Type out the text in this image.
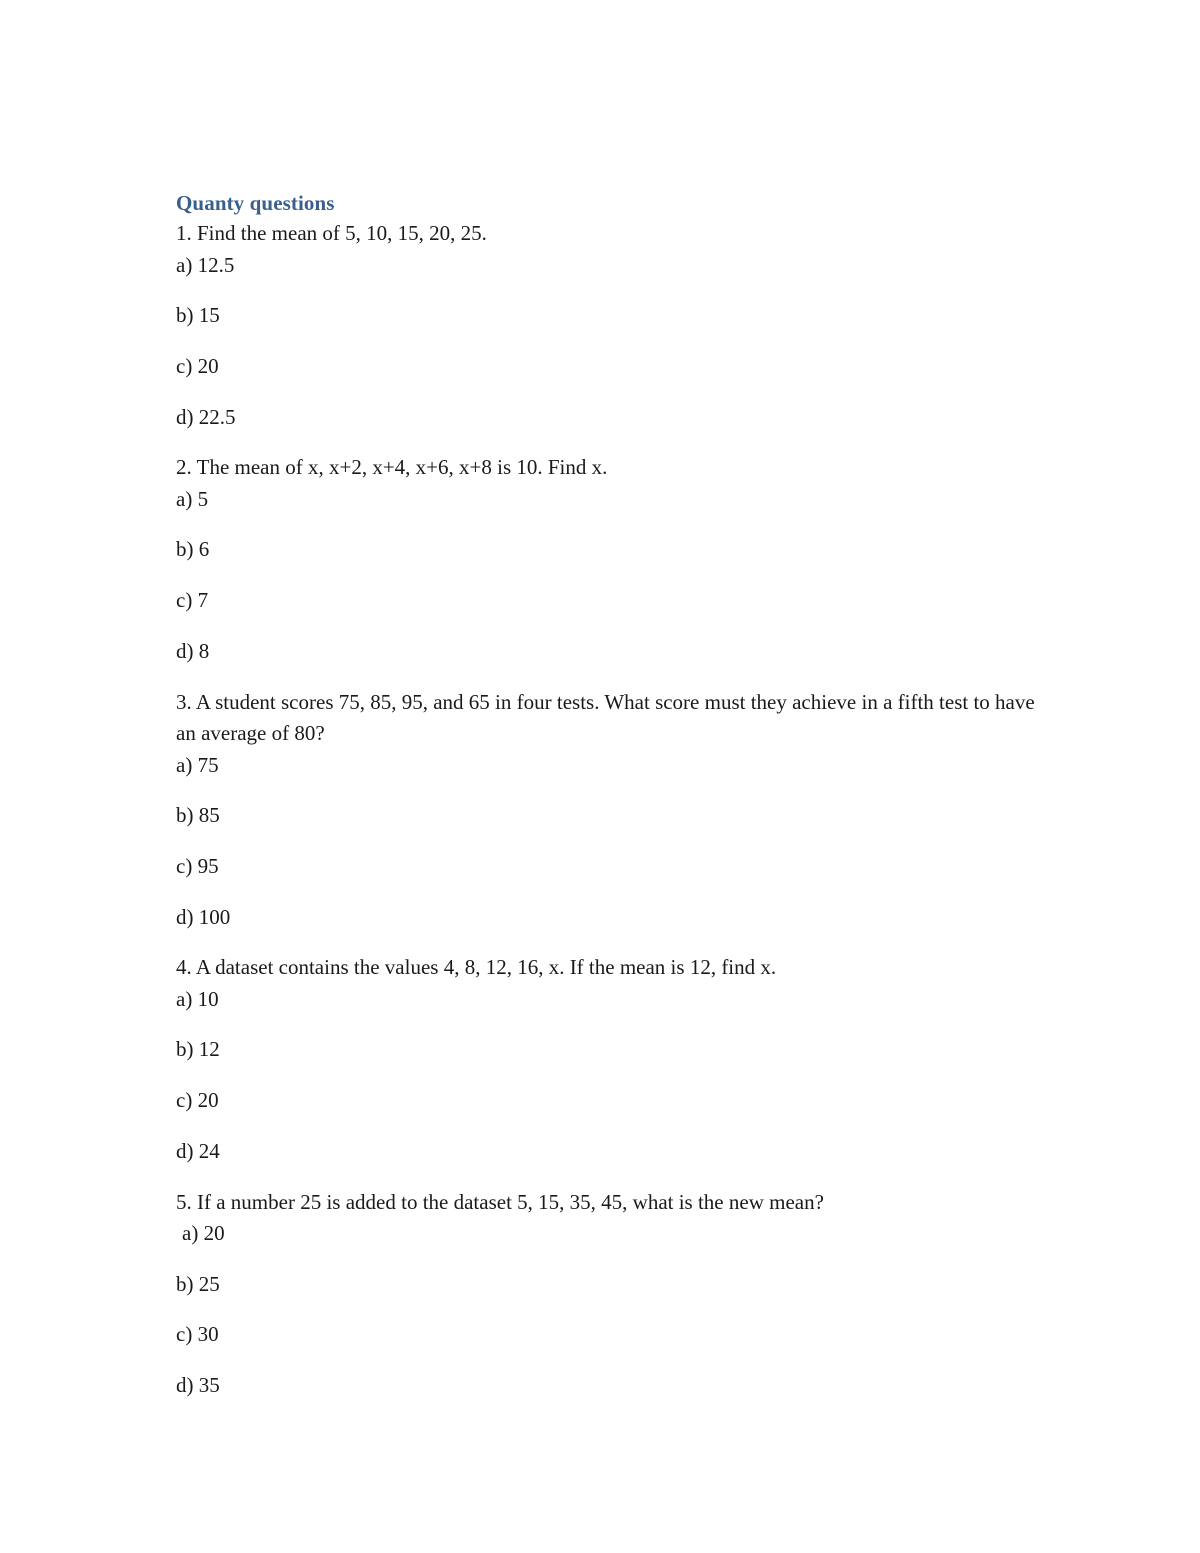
Quanty questions

1. Find the mean of 5, 10, 15, 20, 25.

a) 12.5

b) 15

c) 20

d) 22.5

2. The mean of x, x+2, x+4, x+6, x+8 is 10. Find x.

a) 5

b) 6

c) 7

d) 8

3. A student scores 75, 85, 95, and 65 in four tests. What score must they achieve in a fifth test to have an average of 80?

a) 75

b) 85

c) 95

d) 100

4. A dataset contains the values 4, 8, 12, 16, x. If the mean is 12, find x.

a) 10

b) 12

c) 20

d) 24

5. If a number 25 is added to the dataset 5, 15, 35, 45, what is the new mean?

a) 20

b) 25

c) 30

d) 35
